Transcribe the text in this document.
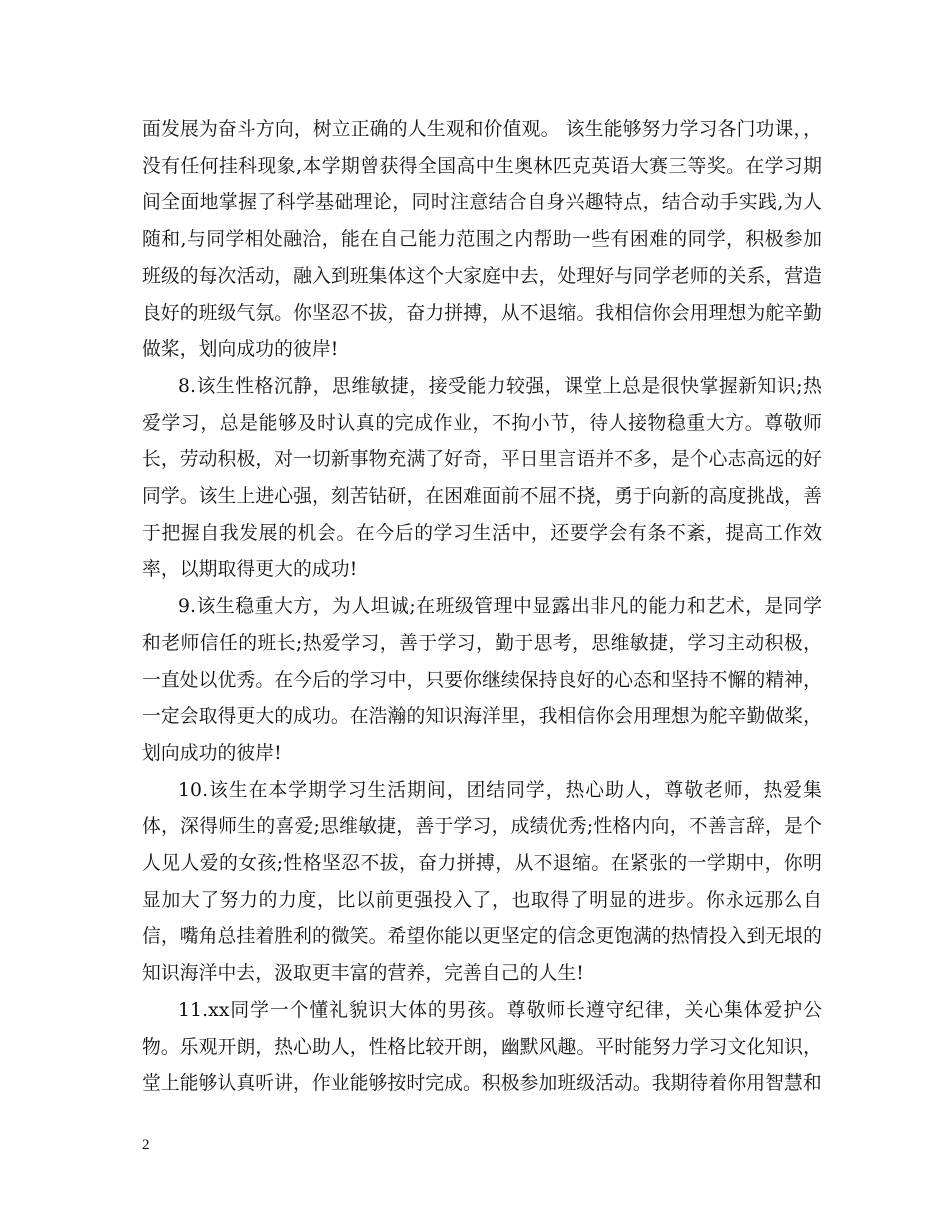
面发展为奋斗方向，树立正确的人生观和价值观。 该生能够努力学习各门功课，，没有任何挂科现象,本学期曾获得全国高中生奥林匹克英语大赛三等奖。在学习期间全面地掌握了科学基础理论，同时注意结合自身兴趣特点，结合动手实践,为人随和,与同学相处融洽，能在自己能力范围之内帮助一些有困难的同学，积极参加班级的每次活动，融入到班集体这个大家庭中去，处理好与同学老师的关系，营造良好的班级气氛。你坚忍不拔，奋力拼搏，从不退缩。我相信你会用理想为舵辛勤做桨，划向成功的彼岸!

8.该生性格沉静，思维敏捷，接受能力较强，课堂上总是很快掌握新知识;热爱学习，总是能够及时认真的完成作业，不拘小节，待人接物稳重大方。尊敬师长，劳动积极，对一切新事物充满了好奇，平日里言语并不多，是个心志高远的好同学。该生上进心强，刻苦钻研，在困难面前不屈不挠，勇于向新的高度挑战，善于把握自我发展的机会。在今后的学习生活中，还要学会有条不紊，提高工作效率，以期取得更大的成功!

9.该生稳重大方，为人坦诚;在班级管理中显露出非凡的能力和艺术，是同学和老师信任的班长;热爱学习，善于学习，勤于思考，思维敏捷，学习主动积极，一直处以优秀。在今后的学习中，只要你继续保持良好的心态和坚持不懈的精神，一定会取得更大的成功。在浩瀚的知识海洋里，我相信你会用理想为舵辛勤做桨，划向成功的彼岸!

10.该生在本学期学习生活期间，团结同学，热心助人，尊敬老师，热爱集体，深得师生的喜爱;思维敏捷，善于学习，成绩优秀;性格内向，不善言辞，是个人见人爱的女孩;性格坚忍不拔，奋力拼搏，从不退缩。在紧张的一学期中，你明显加大了努力的力度，比以前更强投入了，也取得了明显的进步。你永远那么自信，嘴角总挂着胜利的微笑。希望你能以更坚定的信念更饱满的热情投入到无垠的知识海洋中去，汲取更丰富的营养，完善自己的人生!

11.xx同学一个懂礼貌识大体的男孩。尊敬师长遵守纪律，关心集体爱护公物。乐观开朗，热心助人，性格比较开朗，幽默风趣。平时能努力学习文化知识，堂上能够认真听讲，作业能够按时完成。积极参加班级活动。我期待着你用智慧和

2
